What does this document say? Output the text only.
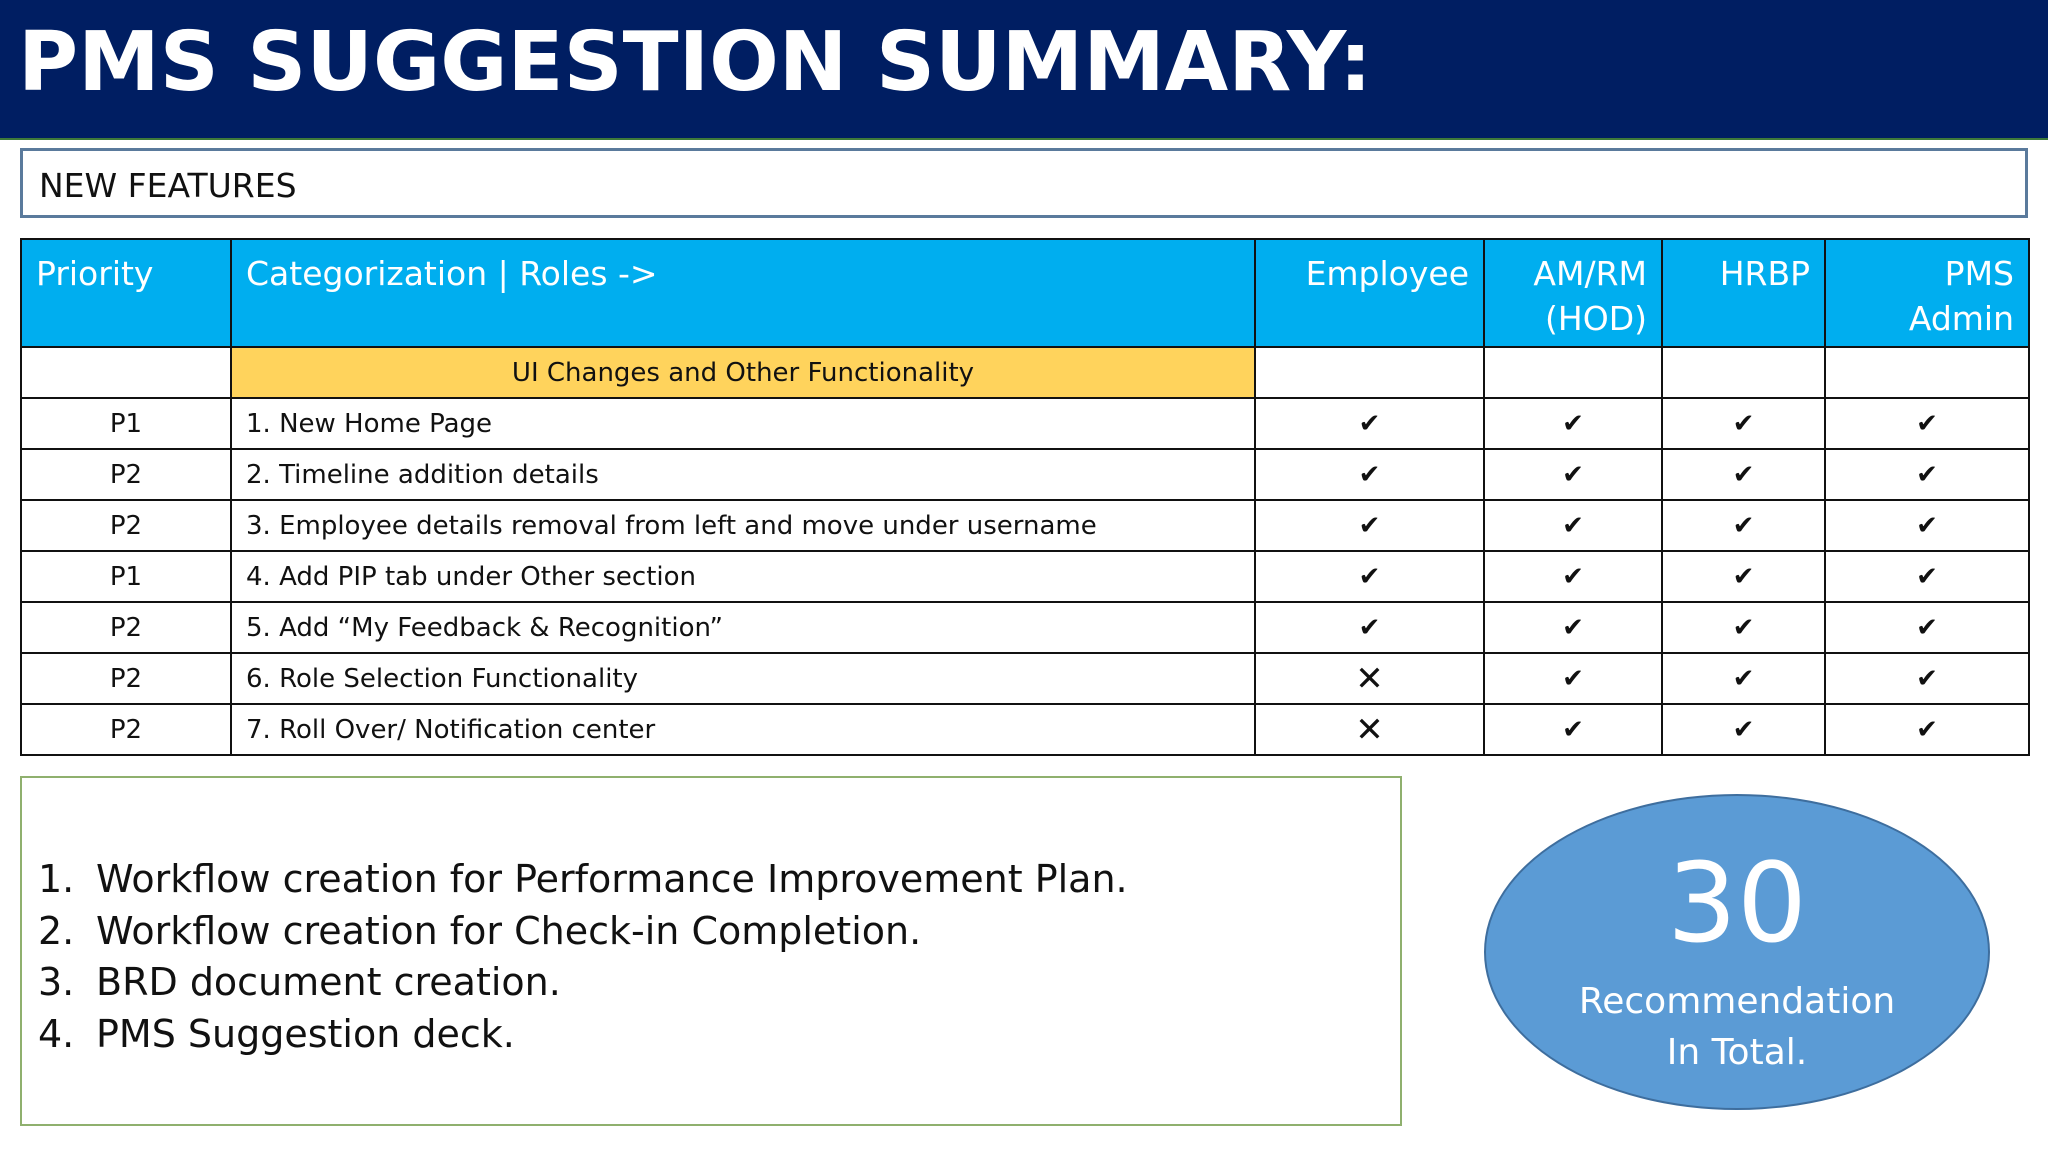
PMS SUGGESTION SUMMARY:
NEW FEATURES
Priority	Categorization | Roles ->	Employee	AM/RM (HOD)	HRBP	PMS Admin
	UI Changes and Other Functionality				
P1	1. New Home Page	✔	✔	✔	✔
P2	2. Timeline addition details	✔	✔	✔	✔
P2	3. Employee details removal from left and move under username	✔	✔	✔	✔
P1	4. Add PIP tab under Other section	✔	✔	✔	✔
P2	5. Add “My Feedback & Recognition”	✔	✔	✔	✔
P2	6. Role Selection Functionality	✕	✔	✔	✔
P2	7. Roll Over/ Notification center	✕	✔	✔	✔
1. Workflow creation for Performance Improvement Plan.
2. Workflow creation for Check-in Completion.
3. BRD document creation.
4. PMS Suggestion deck.
30
Recommendation
In Total.
